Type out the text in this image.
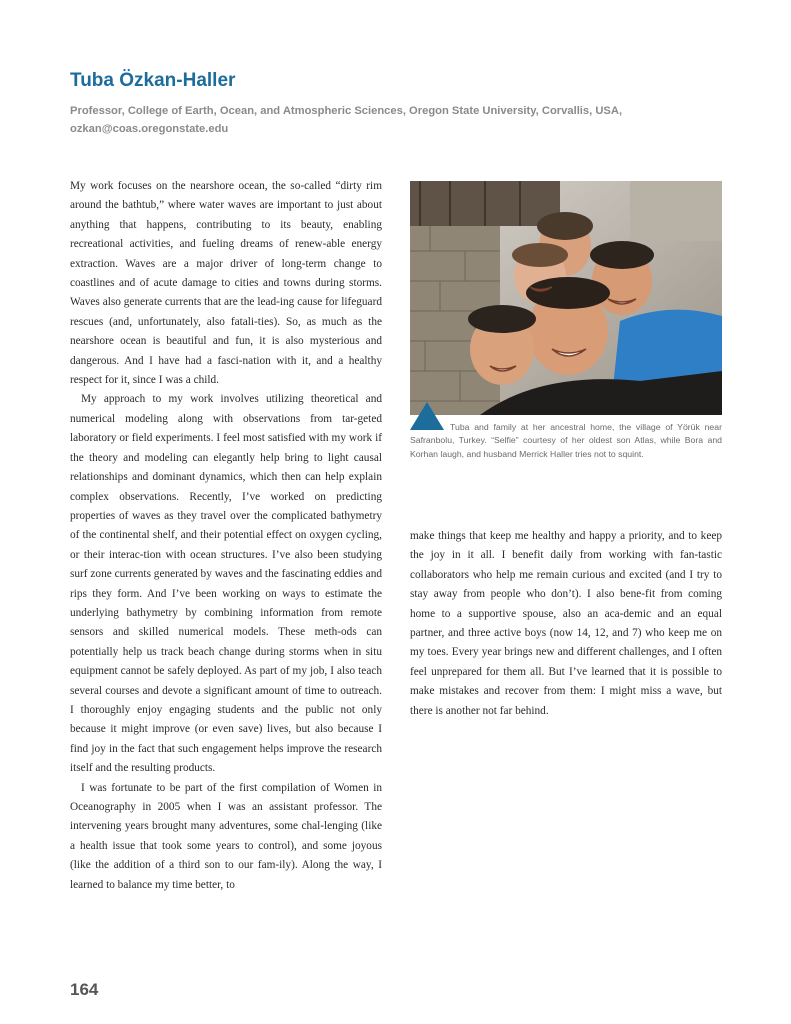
Tuba Özkan-Haller

Professor, College of Earth, Ocean, and Atmospheric Sciences, Oregon State University, Corvallis, USA,
ozkan@coas.oregonstate.edu

My work focuses on the nearshore ocean, the so-called “dirty rim around the bathtub,” where water waves are important to just about anything that happens, contributing to its beauty, enabling recreational activities, and fueling dreams of renew-able energy extraction. Waves are a major driver of long-term change to coastlines and of acute damage to cities and towns during storms. Waves also generate currents that are the lead-ing cause for lifeguard rescues (and, unfortunately, also fatali-ties). So, as much as the nearshore ocean is beautiful and fun, it is also mysterious and dangerous. And I have had a fasci-nation with it, and a healthy respect for it, since I was a child.

My approach to my work involves utilizing theoretical and numerical modeling along with observations from tar-geted laboratory or field experiments. I feel most satisfied with my work if the theory and modeling can elegantly help bring to light causal relationships and dominant dynamics, which then can help explain complex observations. Recently, I’ve worked on predicting properties of waves as they travel over the complicated bathymetry of the continental shelf, and their potential effect on oxygen cycling, or their interac-tion with ocean structures. I’ve also been studying surf zone currents generated by waves and the fascinating eddies and rips they form. And I’ve been working on ways to estimate the underlying bathymetry by combining information from remote sensors and skilled numerical models. These meth-ods can potentially help us track beach change during storms when in situ equipment cannot be safely deployed. As part of my job, I also teach several courses and devote a significant amount of time to outreach. I thoroughly enjoy engaging students and the public not only because it might improve (or even save) lives, but also because I find joy in the fact that such engagement helps improve the research itself and the resulting products.

I was fortunate to be part of the first compilation of Women in Oceanography in 2005 when I was an assistant professor. The intervening years brought many adventures, some chal-lenging (like a health issue that took some years to control), and some joyous (like the addition of a third son to our fam-ily). Along the way, I learned to balance my time better, to

Tuba and family at her ancestral home, the village of Yörük near Safranbolu, Turkey. “Selfie” courtesy of her oldest son Atlas, while Bora and Korhan laugh, and husband Merrick Haller tries not to squint.

make things that keep me healthy and happy a priority, and to keep the joy in it all. I benefit daily from working with fan-tastic collaborators who help me remain curious and excited (and I try to stay away from people who don’t). I also bene-fit from coming home to a supportive spouse, also an aca-demic and an equal partner, and three active boys (now 14, 12, and 7) who keep me on my toes. Every year brings new and different challenges, and I often feel unprepared for them all. But I’ve learned that it is possible to make mistakes and recover from them: I might miss a wave, but there is another not far behind.

164
